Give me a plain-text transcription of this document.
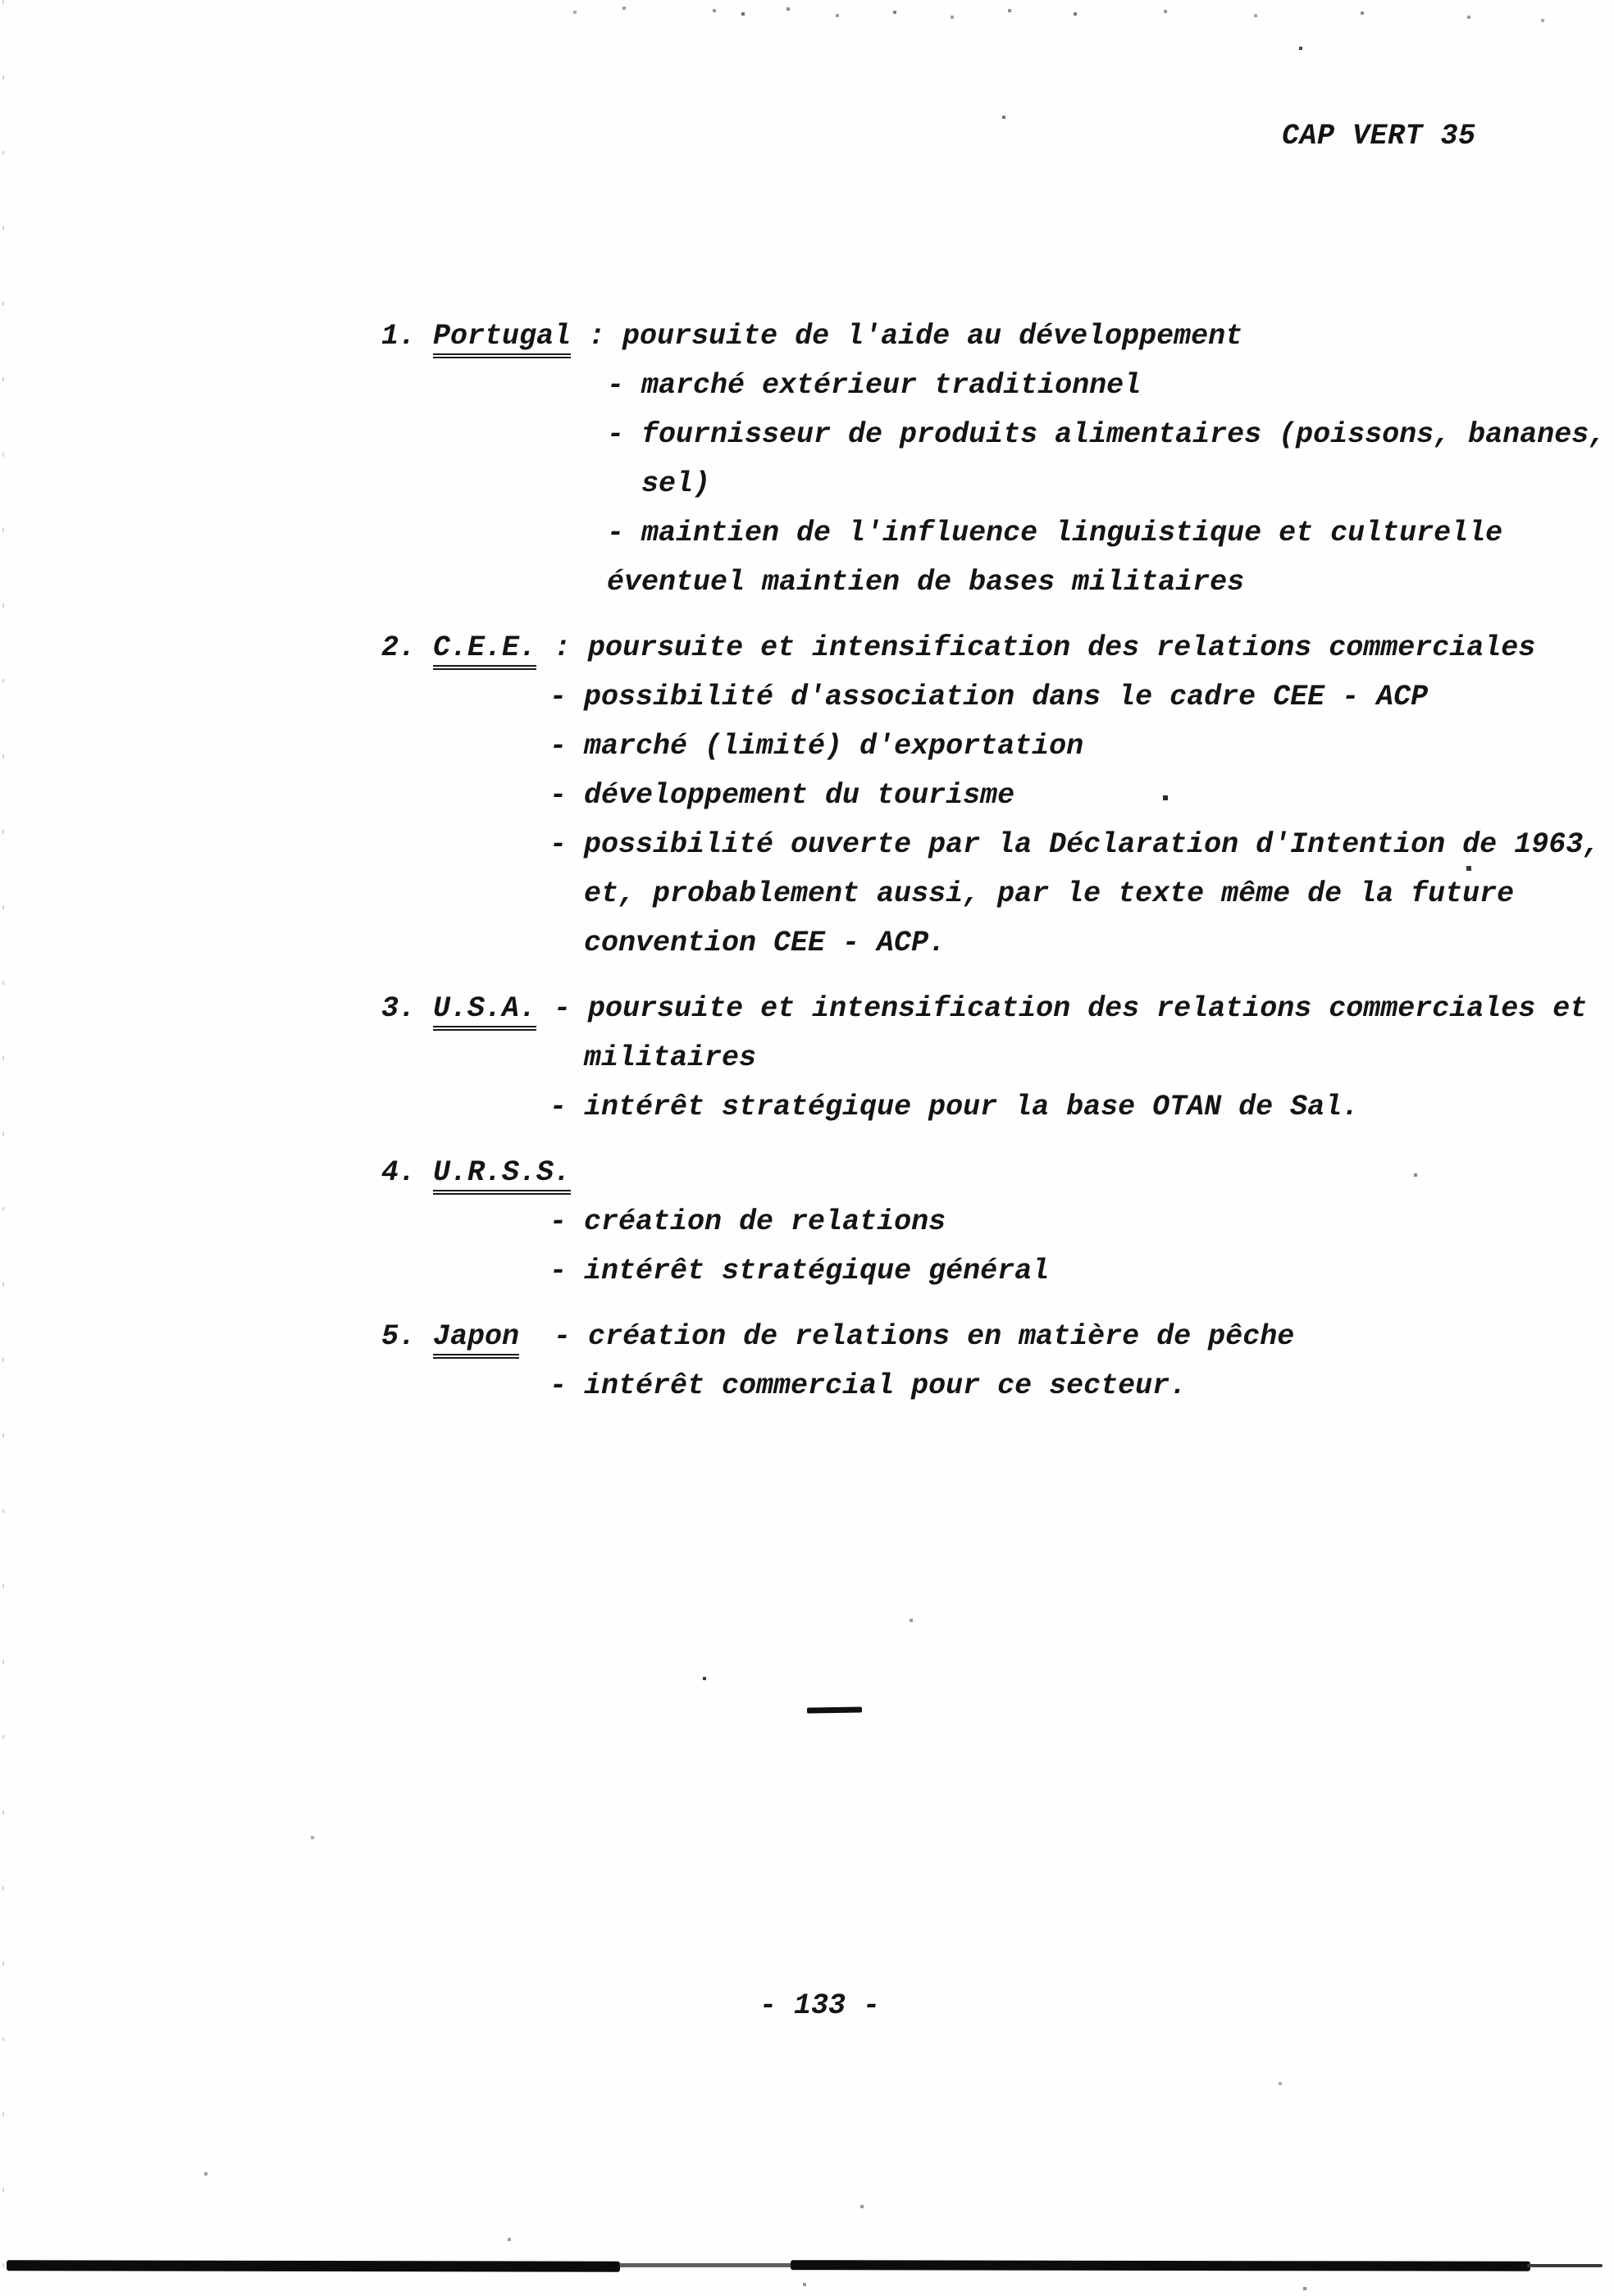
CAP VERT 35
1. Portugal : poursuite de l'aide au développement
- marché extérieur traditionnel
- fournisseur de produits alimentaires (poissons, bananes,
sel)
- maintien de l'influence linguistique et culturelle
éventuel maintien de bases militaires
2. C.E.E. : poursuite et intensification des relations commerciales
- possibilité d'association dans le cadre CEE - ACP
- marché (limité) d'exportation
- développement du tourisme
- possibilité ouverte par la Déclaration d'Intention de 1963,
et, probablement aussi, par le texte même de la future
convention CEE - ACP.
3. U.S.A. - poursuite et intensification des relations commerciales et
militaires
- intérêt stratégique pour la base OTAN de Sal.
4. U.R.S.S.
- création de relations
- intérêt stratégique général
5. Japon  - création de relations en matière de pêche
- intérêt commercial pour ce secteur.
- 133 -
